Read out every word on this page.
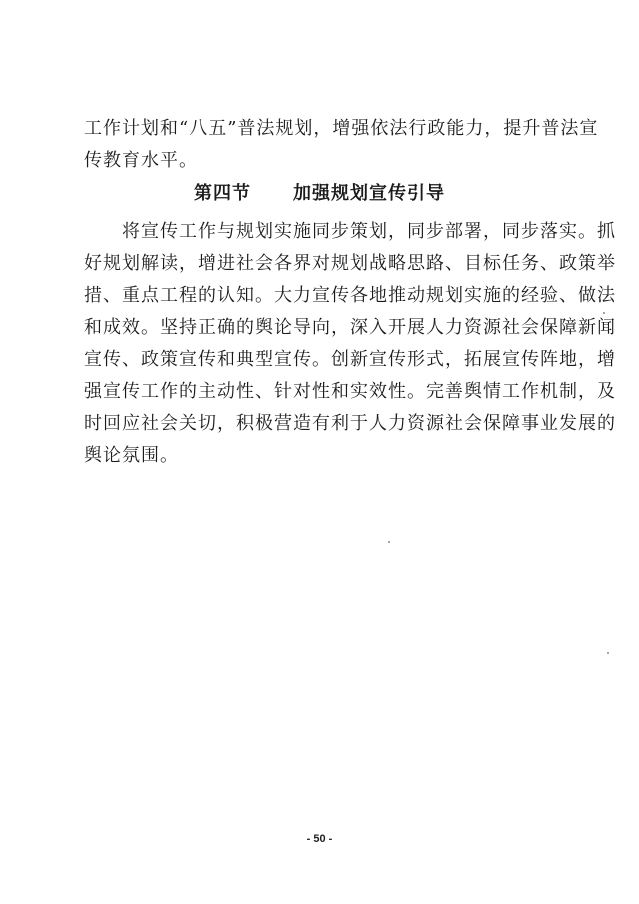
工作计划和“八五”普法规划，增强依法行政能力，提升普法宣
传教育水平。
第四节 加强规划宣传引导
将宣传工作与规划实施同步策划，同步部署，同步落实。抓
好规划解读，增进社会各界对规划战略思路、目标任务、政策举
措、重点工程的认知。大力宣传各地推动规划实施的经验、做法
和成效。坚持正确的舆论导向，深入开展人力资源社会保障新闻
宣传、政策宣传和典型宣传。创新宣传形式，拓展宣传阵地，增
强宣传工作的主动性、针对性和实效性。完善舆情工作机制，及
时回应社会关切，积极营造有利于人力资源社会保障事业发展的
舆论氛围。
- 50 -
